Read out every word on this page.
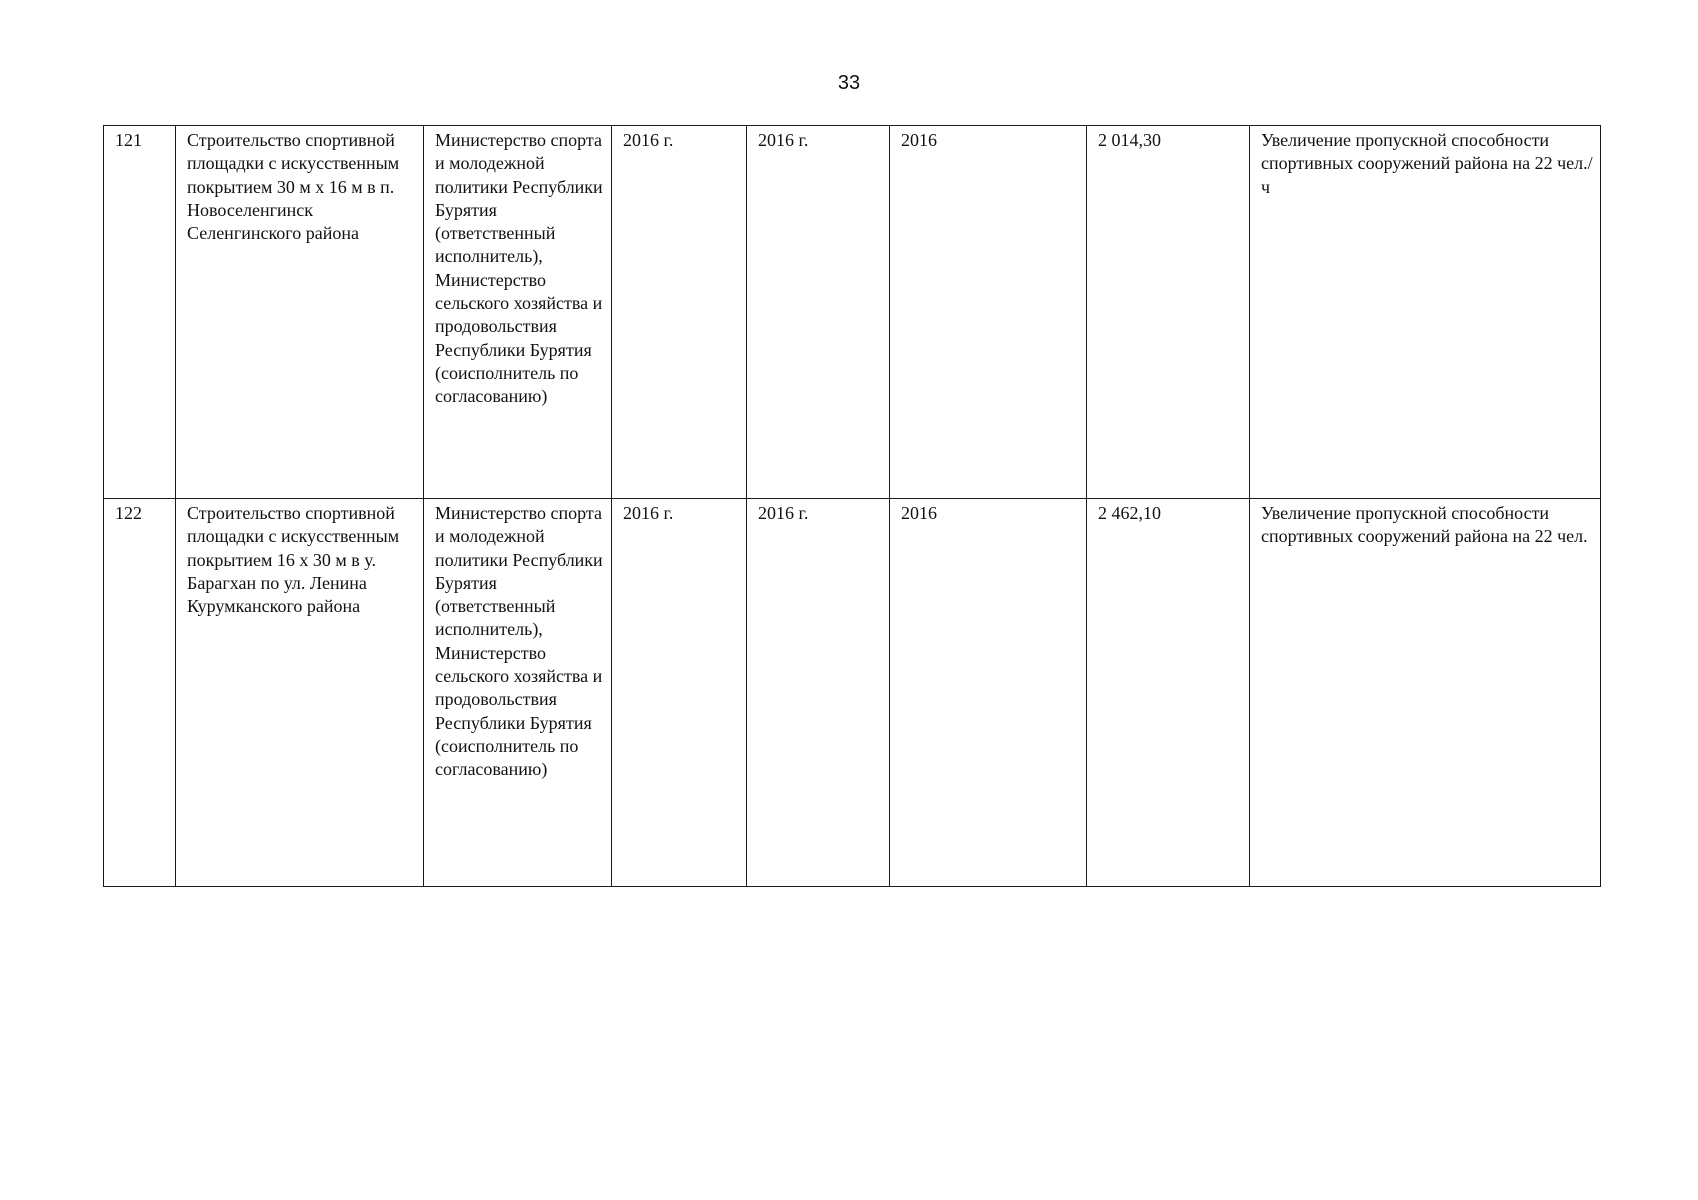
33
121	Строительство спортивной площадки с искусственным покрытием 30 м х 16 м в п. Новоселенгинск Селенгинского района	Министерство спорта и молодежной политики Республики Бурятия (ответственный исполнитель), Министерство сельского хозяйства и продовольствия Республики Бурятия (соисполнитель по согласованию)	2016 г.	2016 г.	2016	2 014,30	Увеличение пропускной способности спортивных сооружений района на 22 чел./ч
122	Строительство спортивной площадки с искусственным покрытием 16 х 30 м в у. Барагхан по ул. Ленина Курумканского района	Министерство спорта и молодежной политики Республики Бурятия (ответственный исполнитель), Министерство сельского хозяйства и продовольствия Республики Бурятия (соисполнитель по согласованию)	2016 г.	2016 г.	2016	2 462,10	Увеличение пропускной способности спортивных сооружений района на 22 чел.
